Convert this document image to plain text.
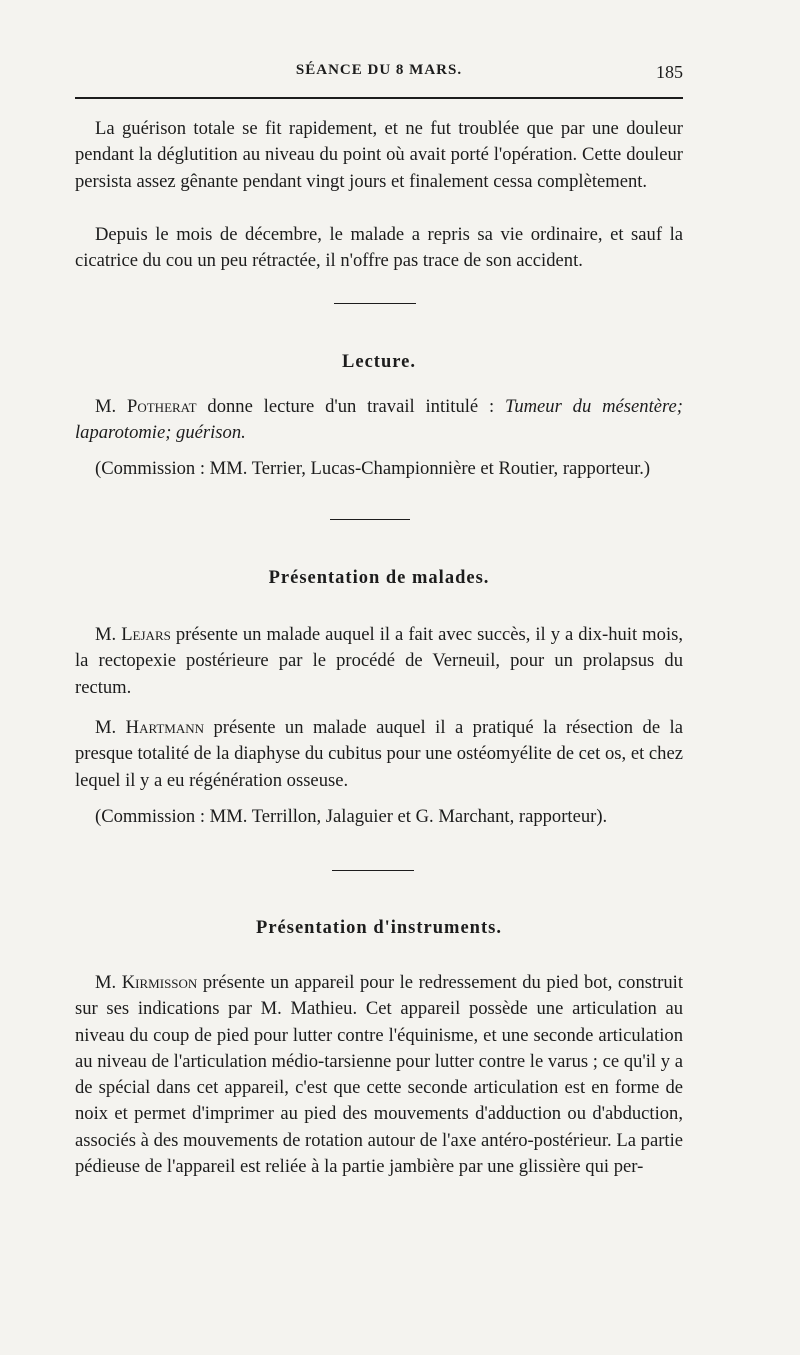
SÉANCE DU 8 MARS.	185

La guérison totale se fit rapidement, et ne fut troublée que par une douleur pendant la déglutition au niveau du point où avait porté l'opération. Cette douleur persista assez gênante pendant vingt jours et finalement cessa complètement.

Depuis le mois de décembre, le malade a repris sa vie ordinaire, et sauf la cicatrice du cou un peu rétractée, il n'offre pas trace de son accident.

Lecture.

M. Potherat donne lecture d'un travail intitulé : Tumeur du mésentère; laparotomie; guérison.

(Commission : MM. Terrier, Lucas-Championnière et Routier, rapporteur.)

Présentation de malades.

M. Lejars présente un malade auquel il a fait avec succès, il y a dix-huit mois, la rectopexie postérieure par le procédé de Verneuil, pour un prolapsus du rectum.

M. Hartmann présente un malade auquel il a pratiqué la résection de la presque totalité de la diaphyse du cubitus pour une ostéomyélite de cet os, et chez lequel il y a eu régénération osseuse.

(Commission : MM. Terrillon, Jalaguier et G. Marchant, rapporteur).

Présentation d'instruments.

M. Kirmisson présente un appareil pour le redressement du pied bot, construit sur ses indications par M. Mathieu. Cet appareil possède une articulation au niveau du coup de pied pour lutter contre l'équinisme, et une seconde articulation au niveau de l'articulation médio-tarsienne pour lutter contre le varus ; ce qu'il y a de spécial dans cet appareil, c'est que cette seconde articulation est en forme de noix et permet d'imprimer au pied des mouvements d'adduction ou d'abduction, associés à des mouvements de rotation autour de l'axe antéro-postérieur. La partie pédieuse de l'appareil est reliée à la partie jambière par une glissière qui per-
